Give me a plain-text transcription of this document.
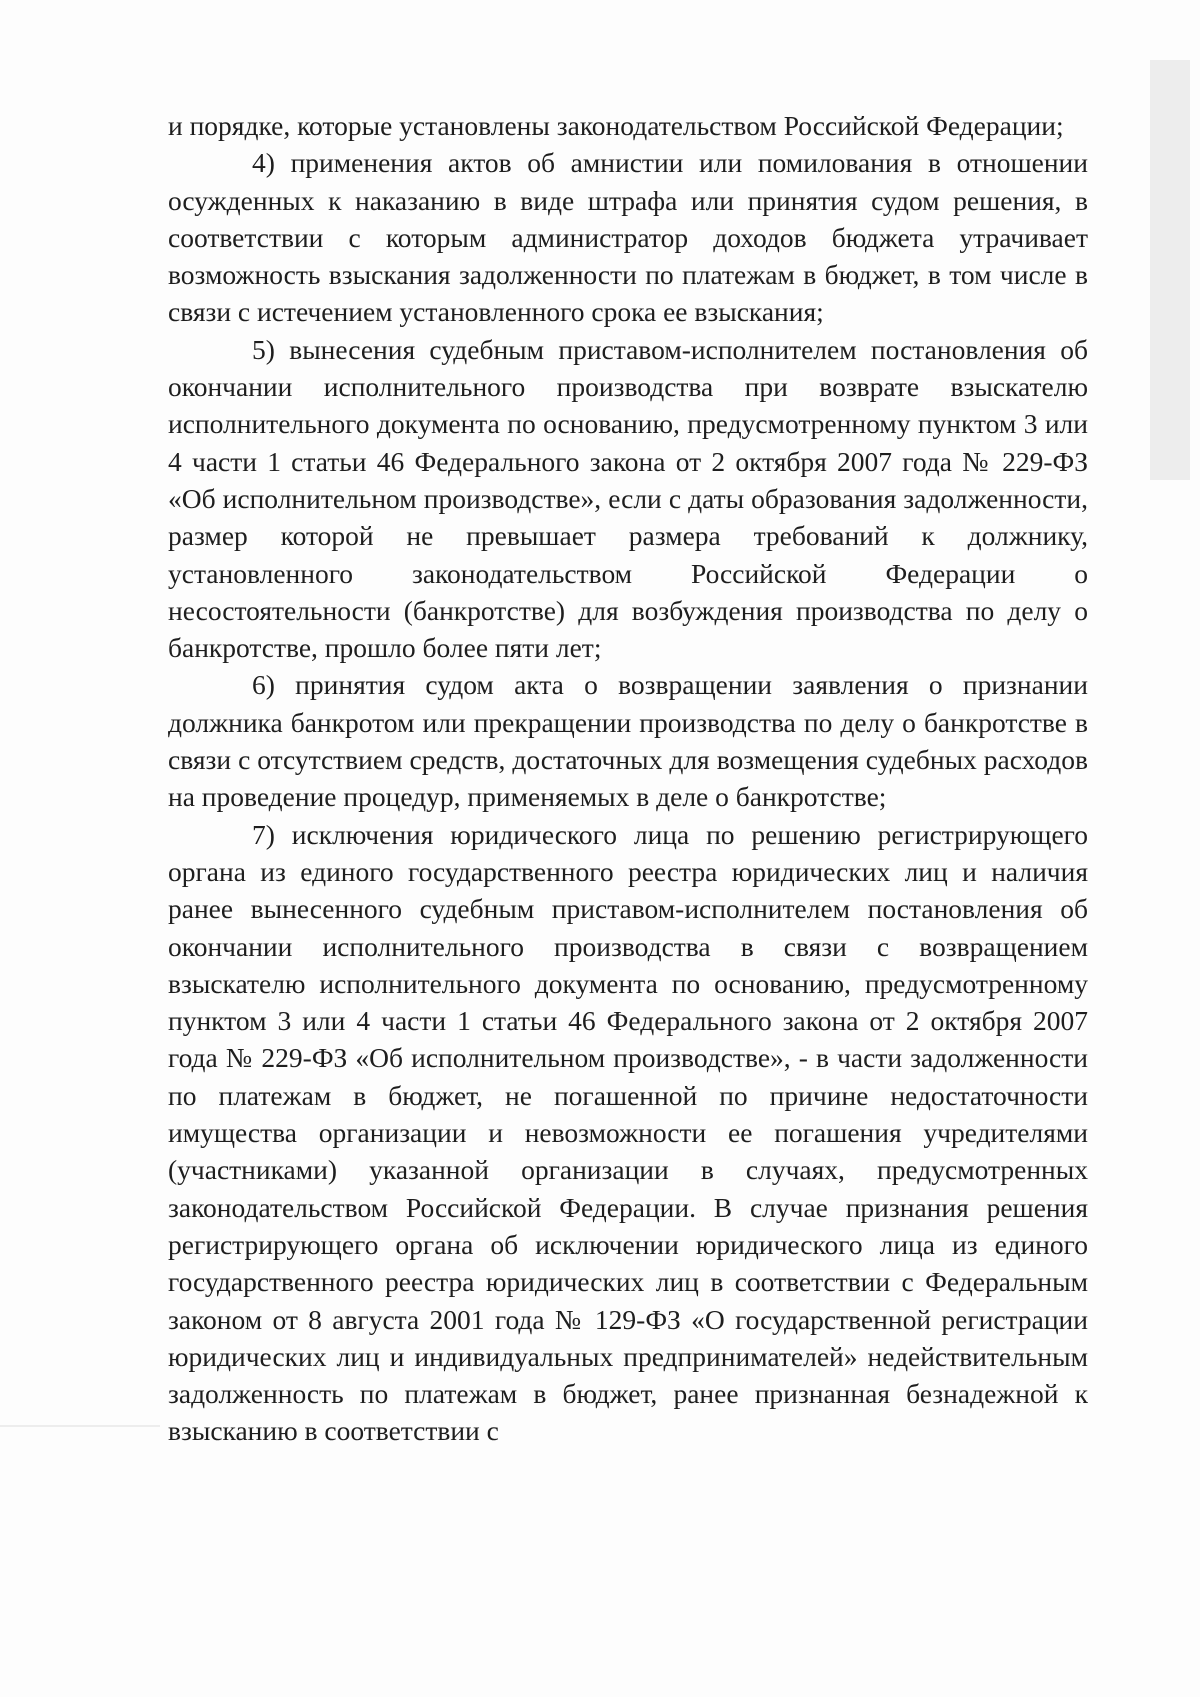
и порядке, которые установлены законодательством Российской Федерации;

4) применения актов об амнистии или помилования в отношении осужденных к наказанию в виде штрафа или принятия судом решения, в соответствии с которым администратор доходов бюджета утрачивает возможность взыскания задолженности по платежам в бюджет, в том числе в связи с истечением установленного срока ее взыскания;

5) вынесения судебным приставом-исполнителем постановления об окончании исполнительного производства при возврате взыскателю исполнительного документа по основанию, предусмотренному пунктом 3 или 4 части 1 статьи 46 Федерального закона от 2 октября 2007 года № 229-ФЗ «Об исполнительном производстве», если с даты образования задолженности, размер которой не превышает размера требований к должнику, установленного законодательством Российской Федерации о несостоятельности (банкротстве) для возбуждения производства по делу о банкротстве, прошло более пяти лет;

6) принятия судом акта о возвращении заявления о признании должника банкротом или прекращении производства по делу о банкротстве в связи с отсутствием средств, достаточных для возмещения судебных расходов на проведение процедур, применяемых в деле о банкротстве;

7) исключения юридического лица по решению регистрирующего органа из единого государственного реестра юридических лиц и наличия ранее вынесенного судебным приставом-исполнителем постановления об окончании исполнительного производства в связи с возвращением взыскателю исполнительного документа по основанию, предусмотренному пунктом 3 или 4 части 1 статьи 46 Федерального закона от 2 октября 2007 года № 229-ФЗ «Об исполнительном производстве», - в части задолженности по платежам в бюджет, не погашенной по причине недостаточности имущества организации и невозможности ее погашения учредителями (участниками) указанной организации в случаях, предусмотренных законодательством Российской Федерации. В случае признания решения регистрирующего органа об исключении юридического лица из единого государственного реестра юридических лиц в соответствии с Федеральным законом от 8 августа 2001 года № 129-ФЗ «О государственной регистрации юридических лиц и индивидуальных предпринимателей» недействительным задолженность по платежам в бюджет, ранее признанная безнадежной к взысканию в соответствии с
